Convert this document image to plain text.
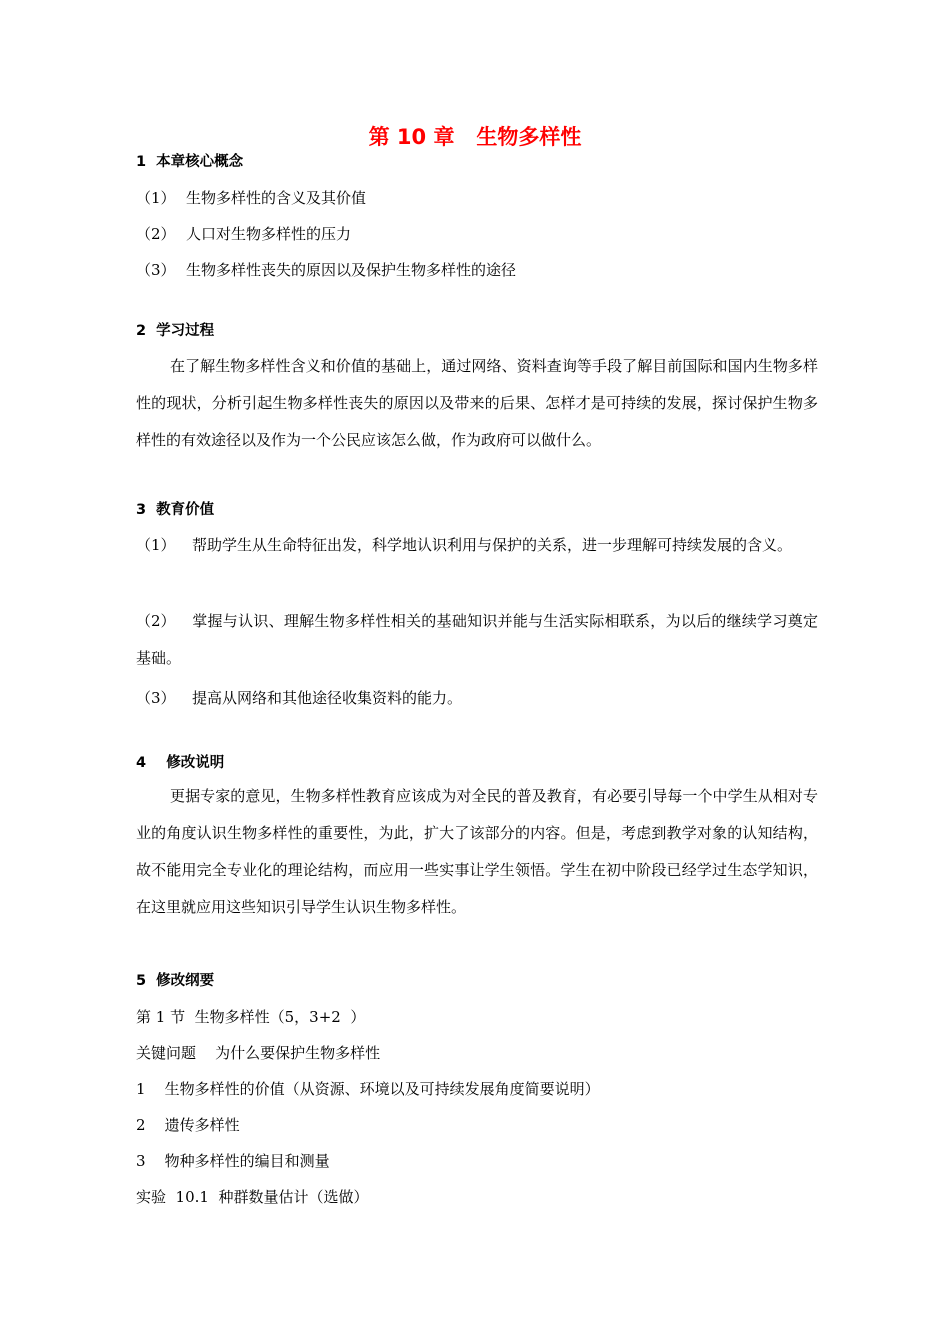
第 10 章   生物多样性
1  本章核心概念
（1） 生物多样性的含义及其价值
（2） 人口对生物多样性的压力
（3） 生物多样性丧失的原因以及保护生物多样性的途径
2  学习过程
在了解生物多样性含义和价值的基础上，通过网络、资料查询等手段了解目前国际和国内生物多样性的现状，分析引起生物多样性丧失的原因以及带来的后果、怎样才是可持续的发展，探讨保护生物多样性的有效途径以及作为一个公民应该怎么做，作为政府可以做什么。
3  教育价值
（1） 帮助学生从生命特征出发，科学地认识利用与保护的关系，进一步理解可持续发展的含义。
（2） 掌握与认识、理解生物多样性相关的基础知识并能与生活实际相联系，为以后的继续学习奠定基础。
（3） 提高从网络和其他途径收集资料的能力。
4    修改说明
更据专家的意见，生物多样性教育应该成为对全民的普及教育，有必要引导每一个中学生从相对专业的角度认识生物多样性的重要性，为此，扩大了该部分的内容。但是，考虑到教学对象的认知结构，故不能用完全专业化的理论结构，而应用一些实事让学生领悟。学生在初中阶段已经学过生态学知识，在这里就应用这些知识引导学生认识生物多样性。
5  修改纲要
第 1 节  生物多样性（5，3+2  ）
关键问题    为什么要保护生物多样性
1    生物多样性的价值（从资源、环境以及可持续发展角度简要说明）
2    遗传多样性
3    物种多样性的编目和测量
实验  10.1  种群数量估计（选做）
